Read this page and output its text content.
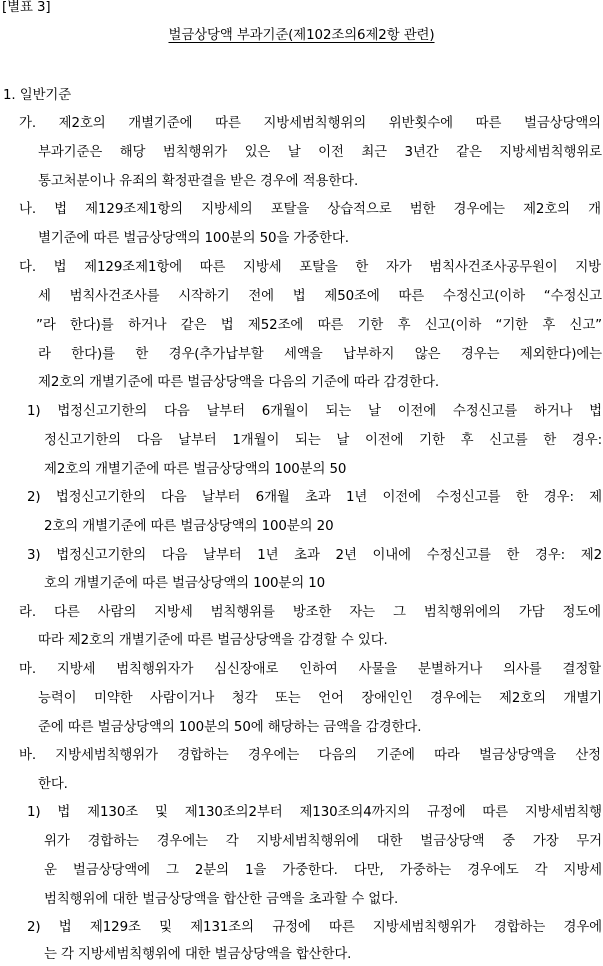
[별표 3]
벌금상당액 부과기준(제102조의6제2항 관련)
1. 일반기준
가. 제2호의 개별기준에 따른 지방세범칙행위의 위반횟수에 따른 벌금상당액의
부과기준은 해당 범칙행위가 있은 날 이전 최근 3년간 같은 지방세범칙행위로
통고처분이나 유죄의 확정판결을 받은 경우에 적용한다.
나. 법 제129조제1항의 지방세의 포탈을 상습적으로 범한 경우에는 제2호의 개
별기준에 따른 벌금상당액의 100분의 50을 가중한다.
다. 법 제129조제1항에 따른 지방세 포탈을 한 자가 범칙사건조사공무원이 지방
세 범칙사건조사를 시작하기 전에 법 제50조에 따른 수정신고(이하 “수정신고
”라 한다)를 하거나 같은 법 제52조에 따른 기한 후 신고(이하 “기한 후 신고”
라 한다)를 한 경우(추가납부할 세액을 납부하지 않은 경우는 제외한다)에는
제2호의 개별기준에 따른 벌금상당액을 다음의 기준에 따라 감경한다.
1) 법정신고기한의 다음 날부터 6개월이 되는 날 이전에 수정신고를 하거나 법
정신고기한의 다음 날부터 1개월이 되는 날 이전에 기한 후 신고를 한 경우:
제2호의 개별기준에 따른 벌금상당액의 100분의 50
2) 법정신고기한의 다음 날부터 6개월 초과 1년 이전에 수정신고를 한 경우: 제
2호의 개별기준에 따른 벌금상당액의 100분의 20
3) 법정신고기한의 다음 날부터 1년 초과 2년 이내에 수정신고를 한 경우: 제2
호의 개별기준에 따른 벌금상당액의 100분의 10
라. 다른 사람의 지방세 범칙행위를 방조한 자는 그 범칙행위에의 가담 정도에
따라 제2호의 개별기준에 따른 벌금상당액을 감경할 수 있다.
마. 지방세 범칙행위자가 심신장애로 인하여 사물을 분별하거나 의사를 결정할
능력이 미약한 사람이거나 청각 또는 언어 장애인인 경우에는 제2호의 개별기
준에 따른 벌금상당액의 100분의 50에 해당하는 금액을 감경한다.
바. 지방세범칙행위가 경합하는 경우에는 다음의 기준에 따라 벌금상당액을 산정
한다.
1) 법 제130조 및 제130조의2부터 제130조의4까지의 규정에 따른 지방세범칙행
위가 경합하는 경우에는 각 지방세범칙행위에 대한 벌금상당액 중 가장 무거
운 벌금상당액에 그 2분의 1을 가중한다. 다만, 가중하는 경우에도 각 지방세
범칙행위에 대한 벌금상당액을 합산한 금액을 초과할 수 없다.
2) 법 제129조 및 제131조의 규정에 따른 지방세범칙행위가 경합하는 경우에
는 각 지방세범칙행위에 대한 벌금상당액을 합산한다.
